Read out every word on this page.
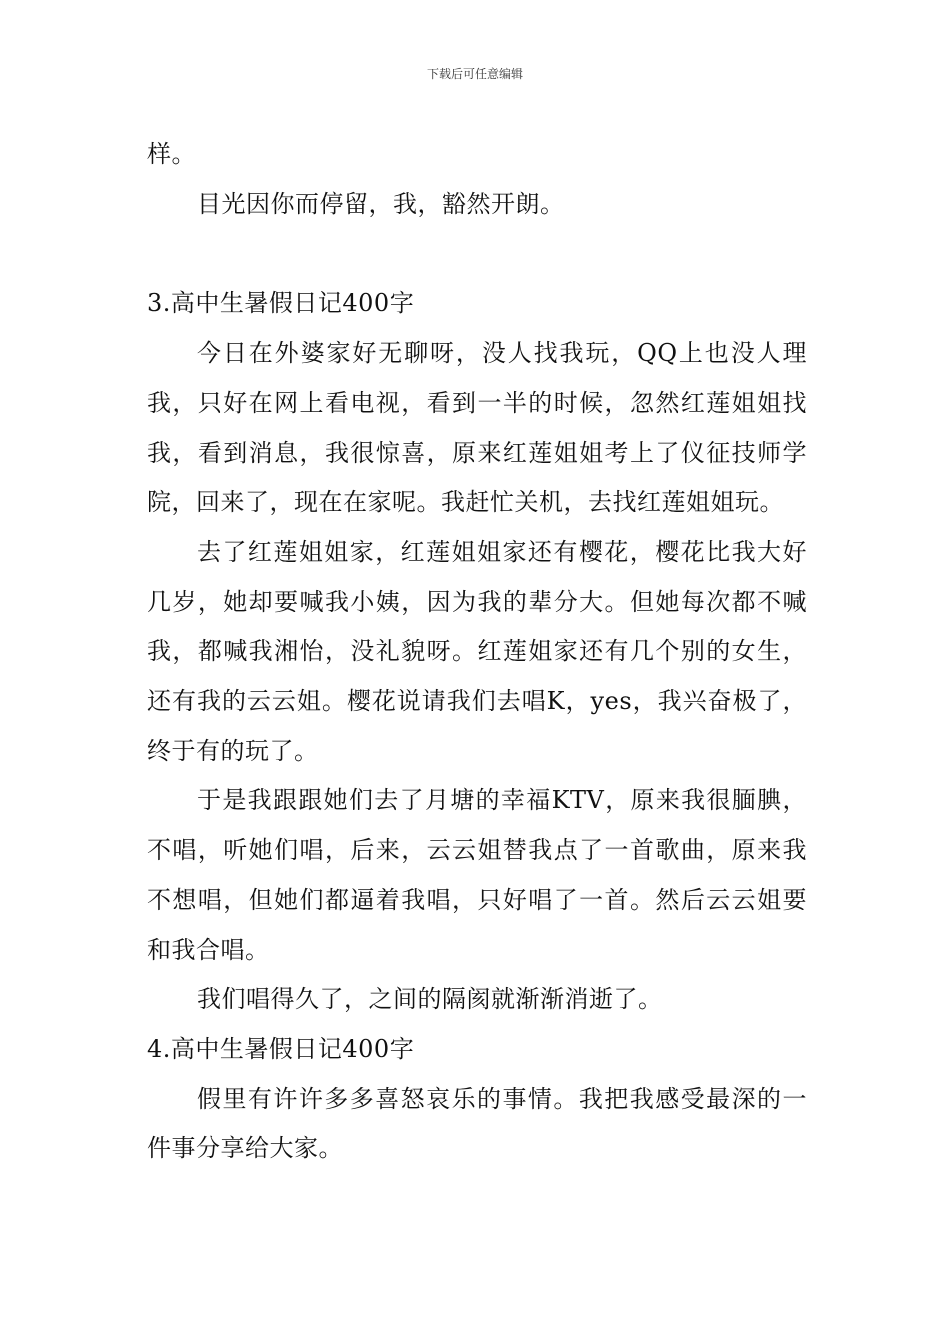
下载后可任意编辑

样。

目光因你而停留，我，豁然开朗。

3.高中生暑假日记400字

今日在外婆家好无聊呀，没人找我玩，QQ上也没人理我，只好在网上看电视，看到一半的时候，忽然红莲姐姐找我，看到消息，我很惊喜，原来红莲姐姐考上了仪征技师学院，回来了，现在在家呢。我赶忙关机，去找红莲姐姐玩。

去了红莲姐姐家，红莲姐姐家还有樱花，樱花比我大好几岁，她却要喊我小姨，因为我的辈分大。但她每次都不喊我，都喊我湘怡，没礼貌呀。红莲姐家还有几个别的女生，还有我的云云姐。樱花说请我们去唱K，yes，我兴奋极了，终于有的玩了。

于是我跟跟她们去了月塘的幸福KTV，原来我很腼腆，不唱，听她们唱，后来，云云姐替我点了一首歌曲，原来我不想唱，但她们都逼着我唱，只好唱了一首。然后云云姐要和我合唱。

我们唱得久了，之间的隔阂就渐渐消逝了。

4.高中生暑假日记400字

假里有许许多多喜怒哀乐的事情。我把我感受最深的一件事分享给大家。
